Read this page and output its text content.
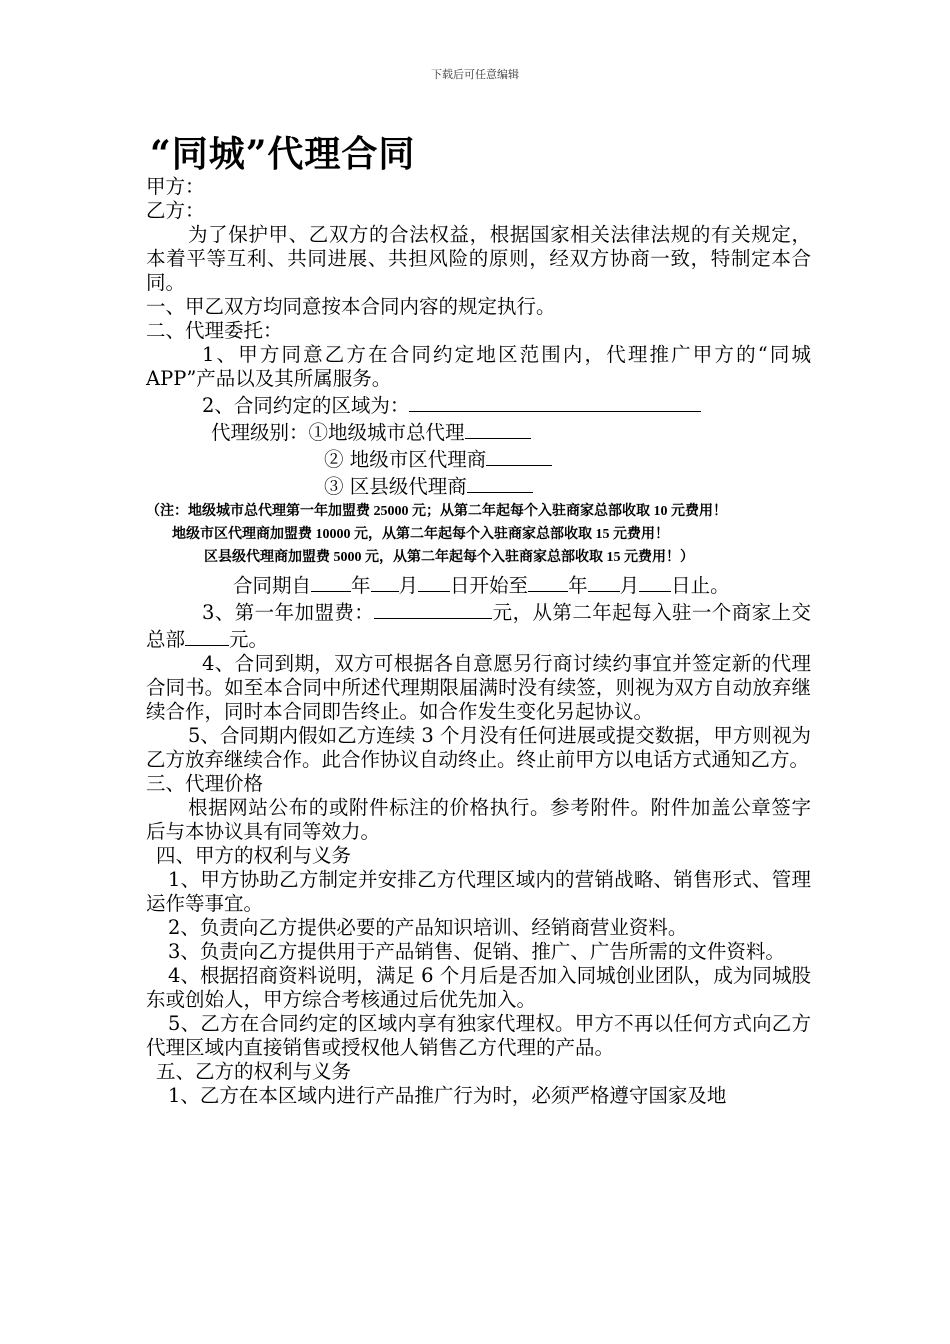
下载后可任意编辑
“同城”代理合同

甲方：

乙方：

为了保护甲、乙双方的合法权益，根据国家相关法律法规的有关规定，本着平等互利、共同进展、共担风险的原则，经双方协商一致，特制定本合同。

一、甲乙双方均同意按本合同内容的规定执行。

二、代理委托：

1、甲方同意乙方在合同约定地区范围内，代理推广甲方的“同城APP”产品以及其所属服务。

2、合同约定的区域为：

代理级别：①地级城市总代理

② 地级市区代理商

③ 区县级代理商

（注：地级城市总代理第一年加盟费 25000 元；从第二年起每个入驻商家总部收取 10 元费用！

地级市区代理商加盟费 10000 元，从第二年起每个入驻商家总部收取 15 元费用！

区县级代理商加盟费 5000 元，从第二年起每个入驻商家总部收取 15 元费用！）

合同期自 年 月 日开始至 年 月 日止。

3、第一年加盟费：	元，从第二年起每入驻一个商家上交总部 元。

4、合同到期，双方可根据各自意愿另行商讨续约事宜并签定新的代理合同书。如至本合同中所述代理期限届满时没有续签，则视为双方自动放弃继续合作，同时本合同即告终止。如合作发生变化另起协议。

5、合同期内假如乙方连续 3 个月没有任何进展或提交数据，甲方则视为乙方放弃继续合作。此合作协议自动终止。终止前甲方以电话方式通知乙方。

三、代理价格

根据网站公布的或附件标注的价格执行。参考附件。附件加盖公章签字后与本协议具有同等效力。

四、甲方的权利与义务

1、甲方协助乙方制定并安排乙方代理区域内的营销战略、销售形式、管理运作等事宜。

2、负责向乙方提供必要的产品知识培训、经销商营业资料。

3、负责向乙方提供用于产品销售、促销、推广、广告所需的文件资料。

4、根据招商资料说明，满足 6 个月后是否加入同城创业团队，成为同城股东或创始人，甲方综合考核通过后优先加入。

5、乙方在合同约定的区域内享有独家代理权。甲方不再以任何方式向乙方代理区域内直接销售或授权他人销售乙方代理的产品。

五、乙方的权利与义务

1、乙方在本区域内进行产品推广行为时，必须严格遵守国家及地
